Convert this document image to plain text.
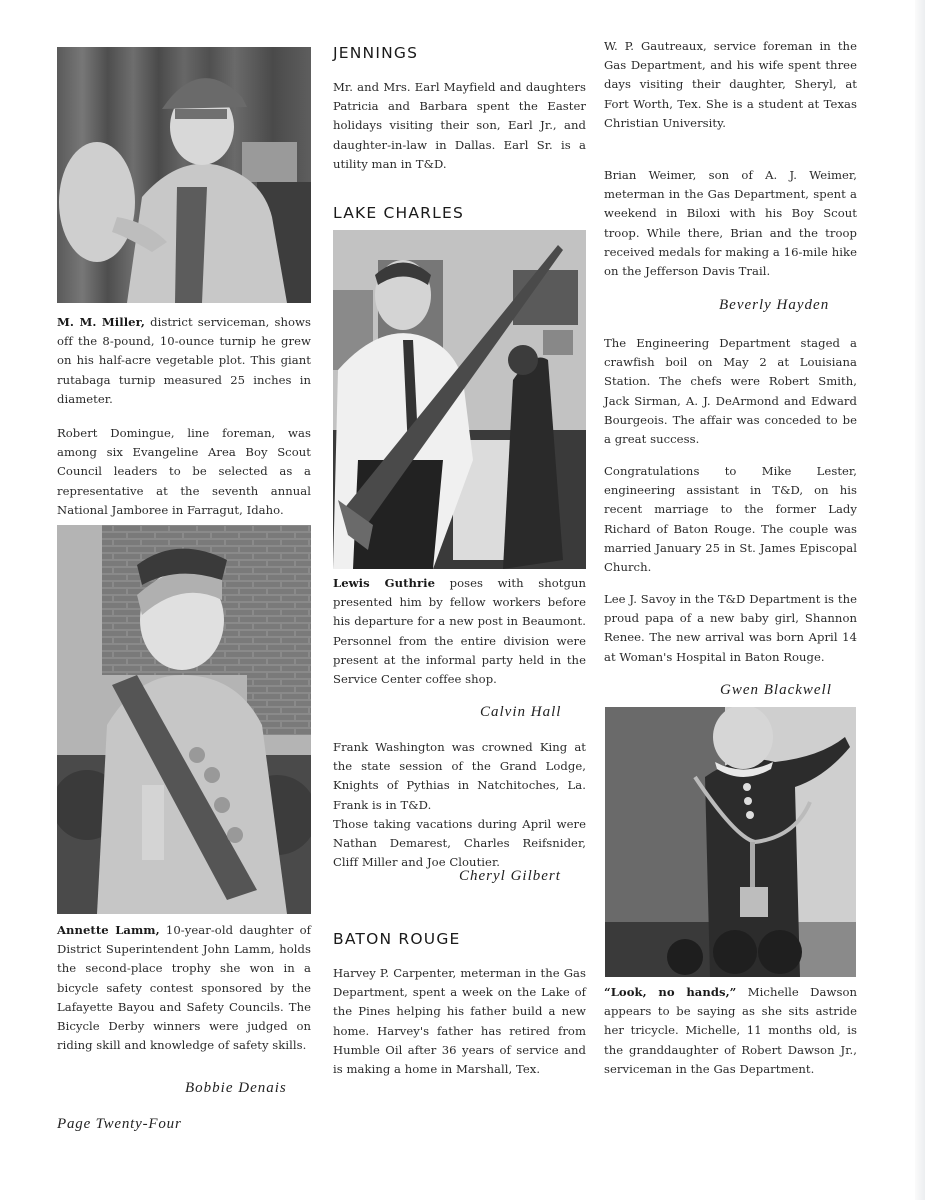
M. M. Miller, district serviceman, shows off the 8-pound, 10-ounce turnip he grew on his half-acre vegetable plot. This giant rutabaga turnip measured 25 inches in diameter.
Robert Domingue, line foreman, was among six Evangeline Area Boy Scout Council leaders to be selected as a representative at the seventh annual National Jamboree in Farragut, Idaho.
Annette Lamm, 10-year-old daughter of District Superintendent John Lamm, holds the second-place trophy she won in a bicycle safety contest sponsored by the Lafayette Bayou and Safety Councils. The Bicycle Derby winners were judged on riding skill and knowledge of safety skills.
Bobbie Denais
JENNINGS
Mr. and Mrs. Earl Mayfield and daughters Patricia and Barbara spent the Easter holidays visiting their son, Earl Jr., and daughter-in-law in Dallas. Earl Sr. is a utility man in T&D.
LAKE CHARLES
Lewis Guthrie poses with shotgun presented him by fellow workers before his departure for a new post in Beaumont. Personnel from the entire division were present at the informal party held in the Service Center coffee shop.
Calvin Hall
Frank Washington was crowned King at the state session of the Grand Lodge, Knights of Pythias in Natchitoches, La. Frank is in T&D.
Those taking vacations during April were Nathan Demarest, Charles Reifsnider, Cliff Miller and Joe Cloutier.
Cheryl Gilbert
BATON ROUGE
Harvey P. Carpenter, meterman in the Gas Department, spent a week on the Lake of the Pines helping his father build a new home. Harvey's father has retired from Humble Oil after 36 years of service and is making a home in Marshall, Tex.
W. P. Gautreaux, service foreman in the Gas Department, and his wife spent three days visiting their daughter, Sheryl, at Fort Worth, Tex. She is a student at Texas Christian University.
Brian Weimer, son of A. J. Weimer, meterman in the Gas Department, spent a weekend in Biloxi with his Boy Scout troop. While there, Brian and the troop received medals for making a 16-mile hike on the Jefferson Davis Trail.
Beverly Hayden
The Engineering Department staged a crawfish boil on May 2 at Louisiana Station. The chefs were Robert Smith, Jack Sirman, A. J. DeArmond and Edward Bourgeois. The affair was conceded to be a great success.
Congratulations to Mike Lester, engineering assistant in T&D, on his recent marriage to the former Lady Richard of Baton Rouge. The couple was married January 25 in St. James Episcopal Church.
Lee J. Savoy in the T&D Department is the proud papa of a new baby girl, Shannon Renee. The new arrival was born April 14 at Woman's Hospital in Baton Rouge.
Gwen Blackwell
“Look, no hands,” Michelle Dawson appears to be saying as she sits astride her tricycle. Michelle, 11 months old, is the granddaughter of Robert Dawson Jr., serviceman in the Gas Department.
Page Twenty-Four
